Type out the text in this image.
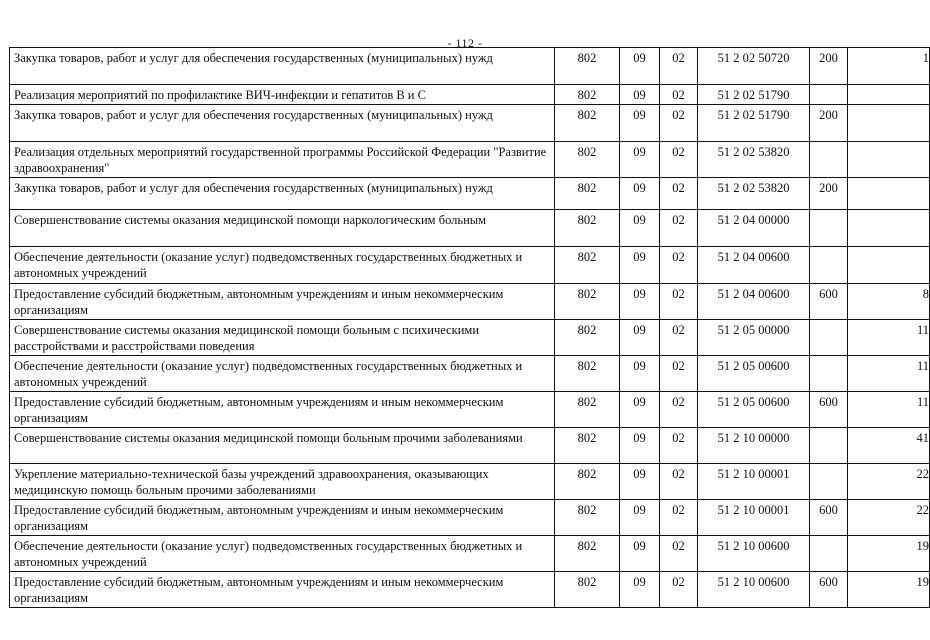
- 112 -
Закупка товаров, работ и услуг для обеспечения государственных (муниципальных) нужд	802	09	02	51 2 02 50720	200	1
Реализация мероприятий по профилактике ВИЧ-инфекции и гепатитов В и С	802	09	02	51 2 02 51790		
Закупка товаров, работ и услуг для обеспечения государственных (муниципальных) нужд	802	09	02	51 2 02 51790	200	
Реализация отдельных мероприятий государственной программы Российской Федерации "Развитие здравоохранения"	802	09	02	51 2 02 53820		
Закупка товаров, работ и услуг для обеспечения государственных (муниципальных) нужд	802	09	02	51 2 02 53820	200	
Совершенствование системы оказания медицинской помощи наркологическим больным	802	09	02	51 2 04 00000		
Обеспечение деятельности (оказание услуг) подведомственных государственных бюджетных и автономных учреждений	802	09	02	51 2 04 00600		
Предоставление субсидий бюджетным, автономным учреждениям и иным некоммерческим организациям	802	09	02	51 2 04 00600	600	8
Совершенствование системы оказания медицинской помощи больным с психическими расстройствами и расстройствами поведения	802	09	02	51 2 05 00000		11
Обеспечение деятельности (оказание услуг) подведомственных государственных бюджетных и автономных учреждений	802	09	02	51 2 05 00600		11
Предоставление субсидий бюджетным, автономным учреждениям и иным некоммерческим организациям	802	09	02	51 2 05 00600	600	11
Совершенствование системы оказания медицинской помощи больным прочими заболеваниями	802	09	02	51 2 10 00000		41
Укрепление материально-технической базы учреждений здравоохранения, оказывающих медицинскую помощь больным прочими заболеваниями	802	09	02	51 2 10 00001		22
Предоставление субсидий бюджетным, автономным учреждениям и иным некоммерческим организациям	802	09	02	51 2 10 00001	600	22
Обеспечение деятельности (оказание услуг) подведомственных государственных бюджетных и автономных учреждений	802	09	02	51 2 10 00600		19
Предоставление субсидий бюджетным, автономным учреждениям и иным некоммерческим организациям	802	09	02	51 2 10 00600	600	19
